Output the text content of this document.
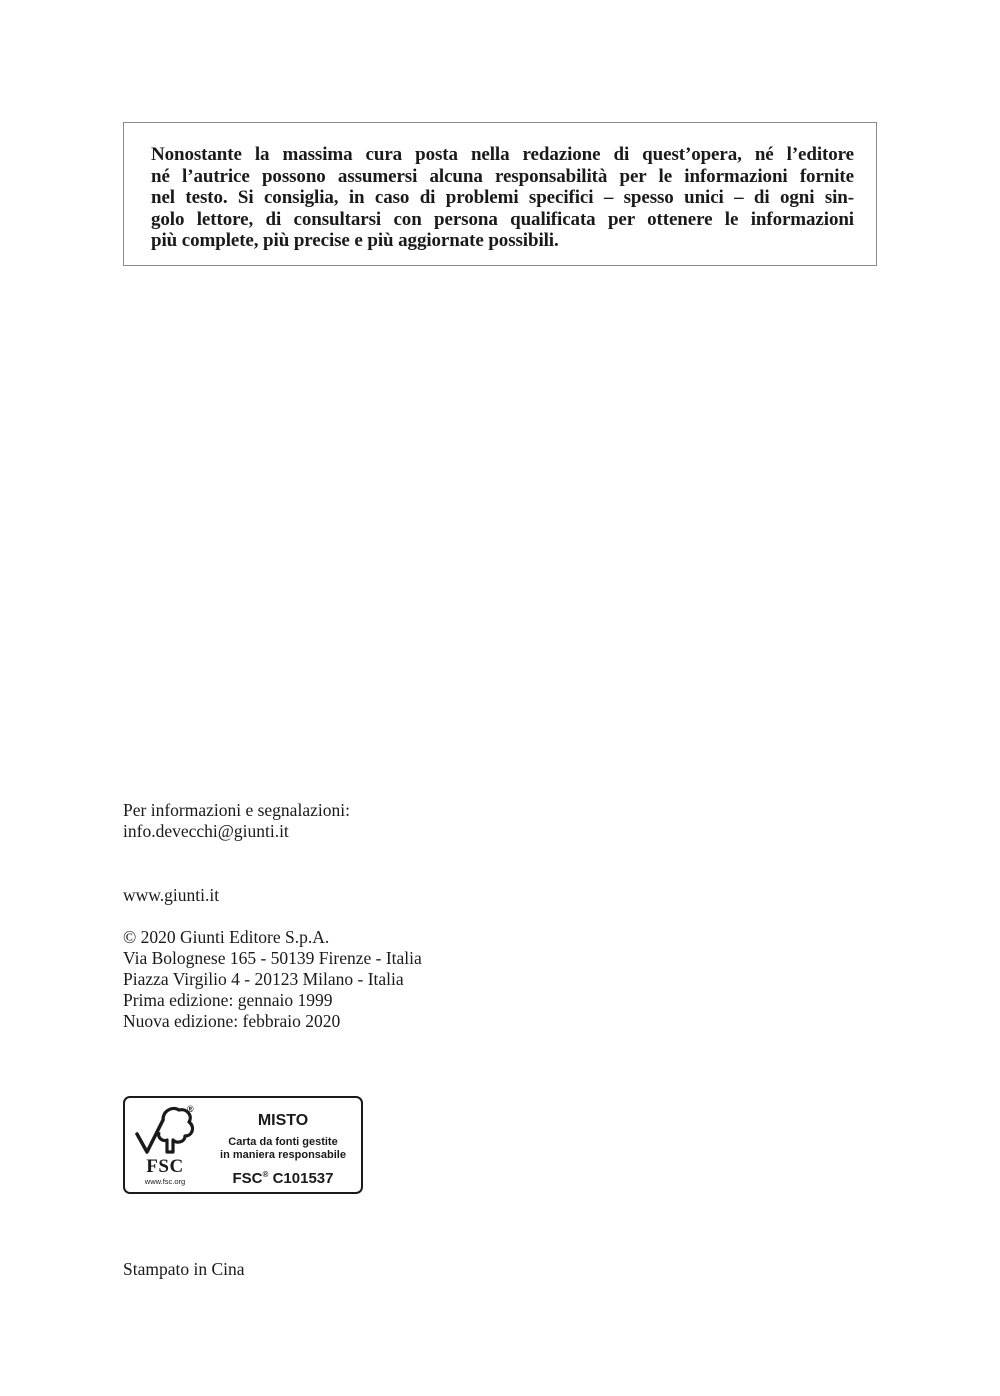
Nonostante la massima cura posta nella redazione di quest’opera, né l’editore
né l’autrice possono assumersi alcuna responsabilità per le informazioni fornite
nel testo. Si consiglia, in caso di problemi specifici – spesso unici – di ogni sin-
golo lettore, di consultarsi con persona qualificata per ottenere le informazioni
più complete, più precise e più aggiornate possibili.

Per informazioni e segnalazioni:
info.devecchi@giunti.it

www.giunti.it

© 2020 Giunti Editore S.p.A.
Via Bolognese 165 - 50139 Firenze - Italia
Piazza Virgilio 4 - 20123 Milano - Italia
Prima edizione: gennaio 1999
Nuova edizione: febbraio 2020

®
FSC
www.fsc.org
MISTO
Carta da fonti gestite
in maniera responsabile
FSC® C101537

Stampato in Cina
